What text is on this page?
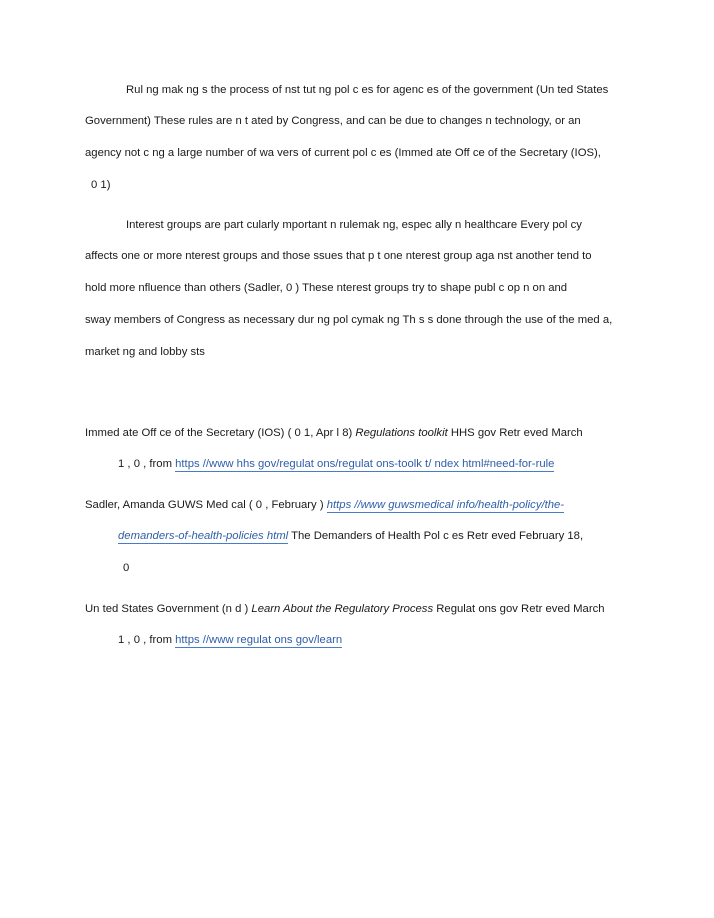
Rul ng mak ng s the process of nst tut ng pol c es for agenc es of the government (Un ted States
Government) These rules are n t ated by Congress, and can be due to changes n technology, or an
agency not c ng a large number of wa vers of current pol c es (Immed ate Off ce of the Secretary (IOS),
0 1)
Interest groups are part cularly mportant n rulemak ng, espec ally n healthcare Every pol cy
affects one or more nterest groups and those ssues that p t one nterest group aga nst another tend to
hold more nfluence than others (Sadler, 0 ) These nterest groups try to shape publ c op n on and
sway members of Congress as necessary dur ng pol cymak ng Th s s done through the use of the med a,
market ng and lobby sts
Immed ate Off ce of the Secretary (IOS) ( 0 1, Apr l 8) Regulations toolkit HHS gov Retr eved March
1 , 0 , from https //www hhs gov/regulat ons/regulat ons-toolk t/ ndex html#need-for-rule
Sadler, Amanda GUWS Med cal ( 0 , February ) https //www guwsmedical info/health-policy/the-
demanders-of-health-policies html The Demanders of Health Pol c es Retr eved February 18,
0
Un ted States Government (n d ) Learn About the Regulatory Process Regulat ons gov Retr eved March
1 , 0 , from https //www regulat ons gov/learn
